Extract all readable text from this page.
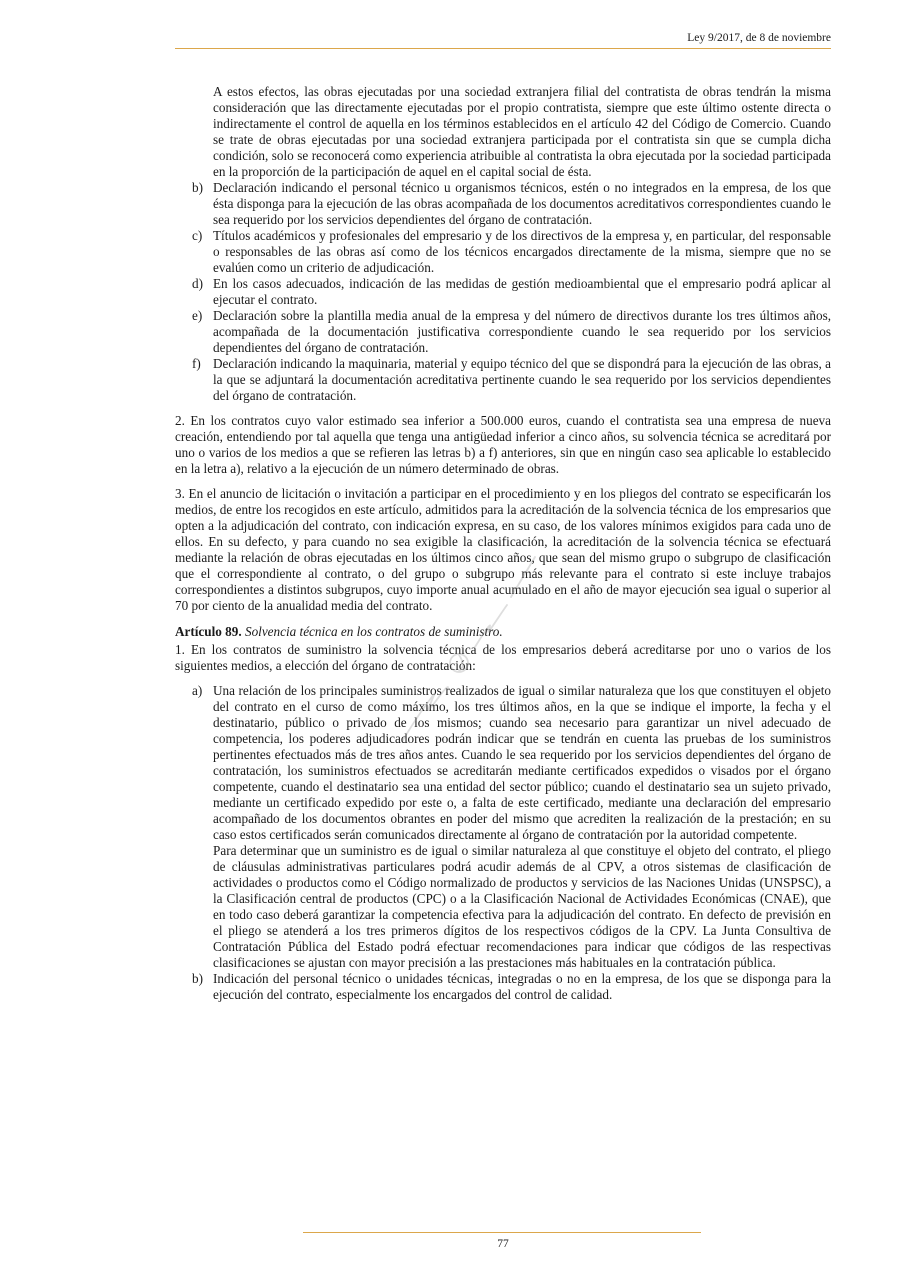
Ley 9/2017, de 8 de noviembre

A estos efectos, las obras ejecutadas por una sociedad extranjera filial del contratista de obras tendrán la misma consideración que las directamente ejecutadas por el propio contratista, siempre que este último ostente directa o indirectamente el control de aquella en los términos establecidos en el artículo 42 del Código de Comercio. Cuando se trate de obras ejecutadas por una sociedad extranjera participada por el contratista sin que se cumpla dicha condición, solo se reconocerá como experiencia atribuible al contratista la obra ejecutada por la sociedad participada en la proporción de la participación de aquel en el capital social de ésta.

b) Declaración indicando el personal técnico u organismos técnicos, estén o no integrados en la empresa, de los que ésta disponga para la ejecución de las obras acompañada de los documentos acreditativos correspondientes cuando le sea requerido por los servicios dependientes del órgano de contratación.
c) Títulos académicos y profesionales del empresario y de los directivos de la empresa y, en particular, del responsable o responsables de las obras así como de los técnicos encargados directamente de la misma, siempre que no se evalúen como un criterio de adjudicación.
d) En los casos adecuados, indicación de las medidas de gestión medioambiental que el empresario podrá aplicar al ejecutar el contrato.
e) Declaración sobre la plantilla media anual de la empresa y del número de directivos durante los tres últimos años, acompañada de la documentación justificativa correspondiente cuando le sea requerido por los servicios dependientes del órgano de contratación.
f) Declaración indicando la maquinaria, material y equipo técnico del que se dispondrá para la ejecución de las obras, a la que se adjuntará la documentación acreditativa pertinente cuando le sea requerido por los servicios dependientes del órgano de contratación.

2. En los contratos cuyo valor estimado sea inferior a 500.000 euros, cuando el contratista sea una empresa de nueva creación, entendiendo por tal aquella que tenga una antigüedad inferior a cinco años, su solvencia técnica se acreditará por uno o varios de los medios a que se refieren las letras b) a f) anteriores, sin que en ningún caso sea aplicable lo establecido en la letra a), relativo a la ejecución de un número determinado de obras.

3. En el anuncio de licitación o invitación a participar en el procedimiento y en los pliegos del contrato se especificarán los medios, de entre los recogidos en este artículo, admitidos para la acreditación de la solvencia técnica de los empresarios que opten a la adjudicación del contrato, con indicación expresa, en su caso, de los valores mínimos exigidos para cada uno de ellos. En su defecto, y para cuando no sea exigible la clasificación, la acreditación de la solvencia técnica se efectuará mediante la relación de obras ejecutadas en los últimos cinco años, que sean del mismo grupo o subgrupo de clasificación que el correspondiente al contrato, o del grupo o subgrupo más relevante para el contrato si este incluye trabajos correspondientes a distintos subgrupos, cuyo importe anual acumulado en el año de mayor ejecución sea igual o superior al 70 por ciento de la anualidad media del contrato.

Artículo 89. Solvencia técnica en los contratos de suministro.

1. En los contratos de suministro la solvencia técnica de los empresarios deberá acreditarse por uno o varios de los siguientes medios, a elección del órgano de contratación:

a) Una relación de los principales suministros realizados de igual o similar naturaleza que los que constituyen el objeto del contrato en el curso de como máximo, los tres últimos años, en la que se indique el importe, la fecha y el destinatario, público o privado de los mismos; cuando sea necesario para garantizar un nivel adecuado de competencia, los poderes adjudicadores podrán indicar que se tendrán en cuenta las pruebas de los suministros pertinentes efectuados más de tres años antes. Cuando le sea requerido por los servicios dependientes del órgano de contratación, los suministros efectuados se acreditarán mediante certificados expedidos o visados por el órgano competente, cuando el destinatario sea una entidad del sector público; cuando el destinatario sea un sujeto privado, mediante un certificado expedido por este o, a falta de este certificado, mediante una declaración del empresario acompañado de los documentos obrantes en poder del mismo que acrediten la realización de la prestación; en su caso estos certificados serán comunicados directamente al órgano de contratación por la autoridad competente.

Para determinar que un suministro es de igual o similar naturaleza al que constituye el objeto del contrato, el pliego de cláusulas administrativas particulares podrá acudir además de al CPV, a otros sistemas de clasificación de actividades o productos como el Código normalizado de productos y servicios de las Naciones Unidas (UNSPSC), a la Clasificación central de productos (CPC) o a la Clasificación Nacional de Actividades Económicas (CNAE), que en todo caso deberá garantizar la competencia efectiva para la adjudicación del contrato. En defecto de previsión en el pliego se atenderá a los tres primeros dígitos de los respectivos códigos de la CPV. La Junta Consultiva de Contratación Pública del Estado podrá efectuar recomendaciones para indicar que códigos de las respectivas clasificaciones se ajustan con mayor precisión a las prestaciones más habituales en la contratación pública.

b) Indicación del personal técnico o unidades técnicas, integradas o no en la empresa, de los que se disponga para la ejecución del contrato, especialmente los encargados del control de calidad.

77
